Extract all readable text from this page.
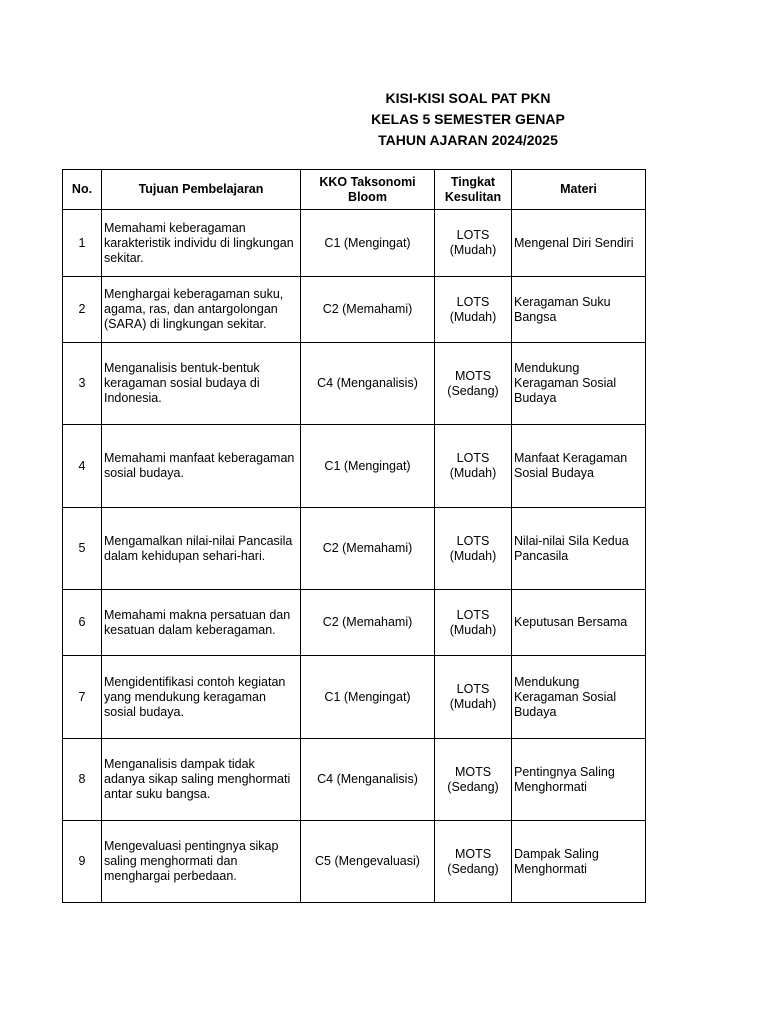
KISI-KISI SOAL PAT PKN
KELAS 5 SEMESTER GENAP
TAHUN AJARAN 2024/2025
No.	Tujuan Pembelajaran	KKO Taksonomi Bloom	Tingkat Kesulitan	Materi
1	Memahami keberagaman karakteristik individu di lingkungan sekitar.	C1 (Mengingat)	LOTS (Mudah)	Mengenal Diri Sendiri
2	Menghargai keberagaman suku, agama, ras, dan antargolongan (SARA) di lingkungan sekitar.	C2 (Memahami)	LOTS (Mudah)	Keragaman Suku Bangsa
3	Menganalisis bentuk-bentuk keragaman sosial budaya di Indonesia.	C4 (Menganalisis)	MOTS (Sedang)	Mendukung Keragaman Sosial Budaya
4	Memahami manfaat keberagaman sosial budaya.	C1 (Mengingat)	LOTS (Mudah)	Manfaat Keragaman Sosial Budaya
5	Mengamalkan nilai-nilai Pancasila dalam kehidupan sehari-hari.	C2 (Memahami)	LOTS (Mudah)	Nilai-nilai Sila Kedua Pancasila
6	Memahami makna persatuan dan kesatuan dalam keberagaman.	C2 (Memahami)	LOTS (Mudah)	Keputusan Bersama
7	Mengidentifikasi contoh kegiatan yang mendukung keragaman sosial budaya.	C1 (Mengingat)	LOTS (Mudah)	Mendukung Keragaman Sosial Budaya
8	Menganalisis dampak tidak adanya sikap saling menghormati antar suku bangsa.	C4 (Menganalisis)	MOTS (Sedang)	Pentingnya Saling Menghormati
9	Mengevaluasi pentingnya sikap saling menghormati dan menghargai perbedaan.	C5 (Mengevaluasi)	MOTS (Sedang)	Dampak Saling Menghormati
